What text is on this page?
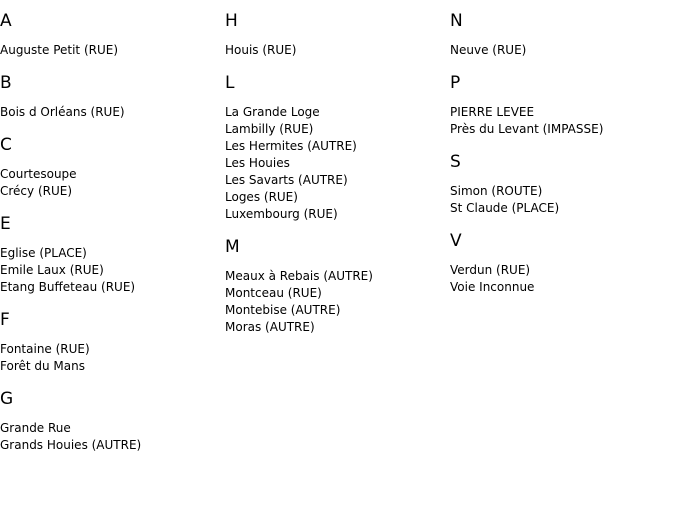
A
Auguste Petit (RUE)
B
Bois d Orléans (RUE)
C
Courtesoupe
Crécy (RUE)
E
Eglise (PLACE)
Emile Laux (RUE)
Etang Buffeteau (RUE)
F
Fontaine (RUE)
Forêt du Mans
G
Grande Rue
Grands Houies (AUTRE)
H
Houis (RUE)
L
La Grande Loge
Lambilly (RUE)
Les Hermites (AUTRE)
Les Houies
Les Savarts (AUTRE)
Loges (RUE)
Luxembourg (RUE)
M
Meaux à Rebais (AUTRE)
Montceau (RUE)
Montebise (AUTRE)
Moras (AUTRE)
N
Neuve (RUE)
P
PIERRE LEVEE
Près du Levant (IMPASSE)
S
Simon (ROUTE)
St Claude (PLACE)
V
Verdun (RUE)
Voie Inconnue
